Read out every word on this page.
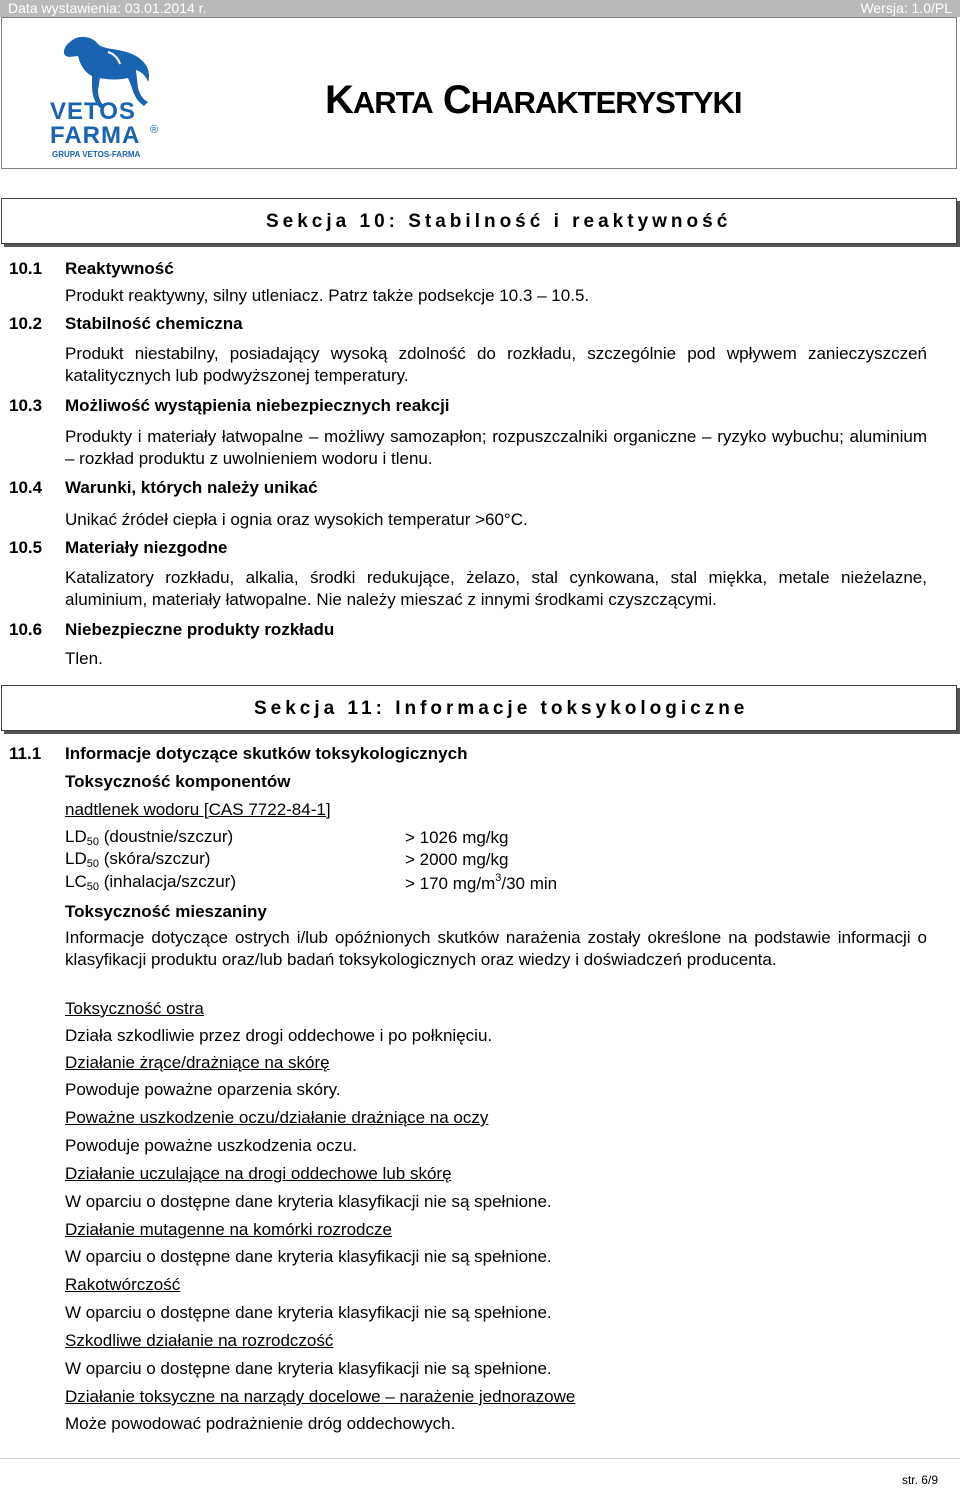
Data wystawienia: 03.01.2014 r.	Wersja: 1.0/PL
VETOS
FARMA ®
GRUPA VETOS-FARMA
KARTA CHARAKTERYSTYKI
Sekcja 10: Stabilność i reaktywność
10.1 Reaktywność
Produkt reaktywny, silny utleniacz. Patrz także podsekcje 10.3 – 10.5.
10.2 Stabilność chemiczna
Produkt niestabilny, posiadający wysoką zdolność do rozkładu, szczególnie pod wpływem zanieczyszczeń katalitycznych lub podwyższonej temperatury.
10.3 Możliwość wystąpienia niebezpiecznych reakcji
Produkty i materiały łatwopalne – możliwy samozapłon; rozpuszczalniki organiczne – ryzyko wybuchu; aluminium – rozkład produktu z uwolnieniem wodoru i tlenu.
10.4 Warunki, których należy unikać
Unikać źródeł ciepła i ognia oraz wysokich temperatur >60°C.
10.5 Materiały niezgodne
Katalizatory rozkładu, alkalia, środki redukujące, żelazo, stal cynkowana, stal miękka, metale nieżelazne, aluminium, materiały łatwopalne. Nie należy mieszać z innymi środkami czyszczącymi.
10.6 Niebezpieczne produkty rozkładu
Tlen.
Sekcja 11: Informacje toksykologiczne
11.1 Informacje dotyczące skutków toksykologicznych
Toksyczność komponentów
nadtlenek wodoru [CAS 7722-84-1]
$LD_{50}$ (doustnie/szczur)	> 1026 mg/kg
$LD_{50}$ (skóra/szczur)	> 2000 mg/kg
$LC_{50}$ (inhalacja/szczur)	> 170 $mg/m^3/30$ min
Toksyczność mieszaniny
Informacje dotyczące ostrych i/lub opóźnionych skutków narażenia zostały określone na podstawie informacji o klasyfikacji produktu oraz/lub badań toksykologicznych oraz wiedzy i doświadczeń producenta.
Toksyczność ostra
Działa szkodliwie przez drogi oddechowe i po połknięciu.
Działanie żrące/drażniące na skórę
Powoduje poważne oparzenia skóry.
Poważne uszkodzenie oczu/działanie drażniące na oczy
Powoduje poważne uszkodzenia oczu.
Działanie uczulające na drogi oddechowe lub skórę
W oparciu o dostępne dane kryteria klasyfikacji nie są spełnione.
Działanie mutagenne na komórki rozrodcze
W oparciu o dostępne dane kryteria klasyfikacji nie są spełnione.
Rakotwórczość
W oparciu o dostępne dane kryteria klasyfikacji nie są spełnione.
Szkodliwe działanie na rozrodczość
W oparciu o dostępne dane kryteria klasyfikacji nie są spełnione.
Działanie toksyczne na narządy docelowe – narażenie jednorazowe
Może powodować podrażnienie dróg oddechowych.
str. 6/9
